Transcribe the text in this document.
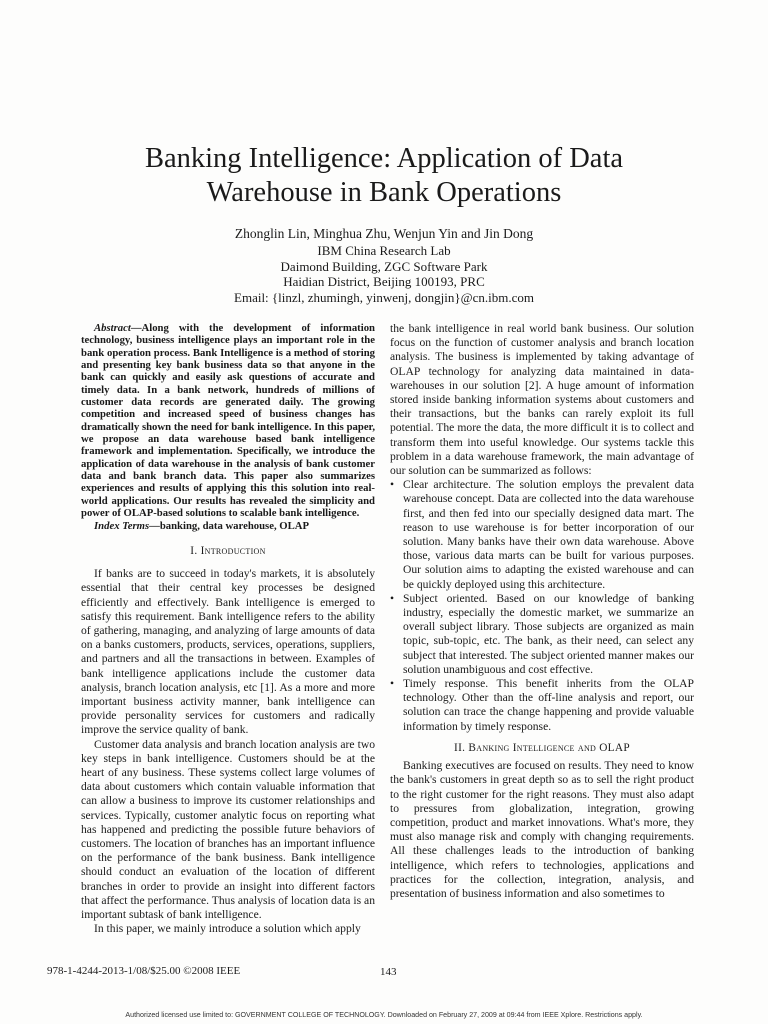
Banking Intelligence: Application of Data
Warehouse in Bank Operations
Zhonglin Lin, Minghua Zhu, Wenjun Yin and Jin Dong
IBM China Research Lab
Daimond Building, ZGC Software Park
Haidian District, Beijing 100193, PRC
Email: {linzl, zhumingh, yinwenj, dongjin}@cn.ibm.com

Abstract—Along with the development of information technology, business intelligence plays an important role in the bank operation process. Bank Intelligence is a method of storing and presenting key bank business data so that anyone in the bank can quickly and easily ask questions of accurate and timely data. In a bank network, hundreds of millions of customer data records are generated daily. The growing competition and increased speed of business changes has dramatically shown the need for bank intelligence. In this paper, we propose an data warehouse based bank intelligence framework and implementation. Specifically, we introduce the application of data warehouse in the analysis of bank customer data and bank branch data. This paper also summarizes experiences and results of applying this this solution into real-world applications. Our results has revealed the simplicity and power of OLAP-based solutions to scalable bank intelligence.

Index Terms—banking, data warehouse, OLAP

I. Introduction

If banks are to succeed in today's markets, it is absolutely essential that their central key processes be designed efficiently and effectively. Bank intelligence is emerged to satisfy this requirement. Bank intelligence refers to the ability of gathering, managing, and analyzing of large amounts of data on a banks customers, products, services, operations, suppliers, and partners and all the transactions in between. Examples of bank intelligence applications include the customer data analysis, branch location analysis, etc [1]. As a more and more important business activity manner, bank intelligence can provide personality services for customers and radically improve the service quality of bank.

Customer data analysis and branch location analysis are two key steps in bank intelligence. Customers should be at the heart of any business. These systems collect large volumes of data about customers which contain valuable information that can allow a business to improve its customer relationships and services. Typically, customer analytic focus on reporting what has happened and predicting the possible future behaviors of customers. The location of branches has an important influence on the performance of the bank business. Bank intelligence should conduct an evaluation of the location of different branches in order to provide an insight into different factors that affect the performance. Thus analysis of location data is an important subtask of bank intelligence.

In this paper, we mainly introduce a solution which apply

the bank intelligence in real world bank business. Our solution focus on the function of customer analysis and branch location analysis. The business is implemented by taking advantage of OLAP technology for analyzing data maintained in data-warehouses in our solution [2]. A huge amount of information stored inside banking information systems about customers and their transactions, but the banks can rarely exploit its full potential. The more the data, the more difficult it is to collect and transform them into useful knowledge. Our systems tackle this problem in a data warehouse framework, the main advantage of our solution can be summarized as follows:

• Clear architecture. The solution employs the prevalent data warehouse concept. Data are collected into the data warehouse first, and then fed into our specially designed data mart. The reason to use warehouse is for better incorporation of our solution. Many banks have their own data warehouse. Above those, various data marts can be built for various purposes. Our solution aims to adapting the existed warehouse and can be quickly deployed using this architecture.
• Subject oriented. Based on our knowledge of banking industry, especially the domestic market, we summarize an overall subject library. Those subjects are organized as main topic, sub-topic, etc. The bank, as their need, can select any subject that interested. The subject oriented manner makes our solution unambiguous and cost effective.
• Timely response. This benefit inherits from the OLAP technology. Other than the off-line analysis and report, our solution can trace the change happening and provide valuable information by timely response.
II. Banking Intelligence and OLAP

Banking executives are focused on results. They need to know the bank's customers in great depth so as to sell the right product to the right customer for the right reasons. They must also adapt to pressures from globalization, integration, growing competition, product and market innovations. What's more, they must also manage risk and comply with changing requirements. All these challenges leads to the introduction of banking intelligence, which refers to technologies, applications and practices for the collection, integration, analysis, and presentation of business information and also sometimes to

978-1-4244-2013-1/08/$25.00 ©2008 IEEE	143
Authorized licensed use limited to: GOVERNMENT COLLEGE OF TECHNOLOGY. Downloaded on February 27, 2009 at 09:44 from IEEE Xplore. Restrictions apply.
